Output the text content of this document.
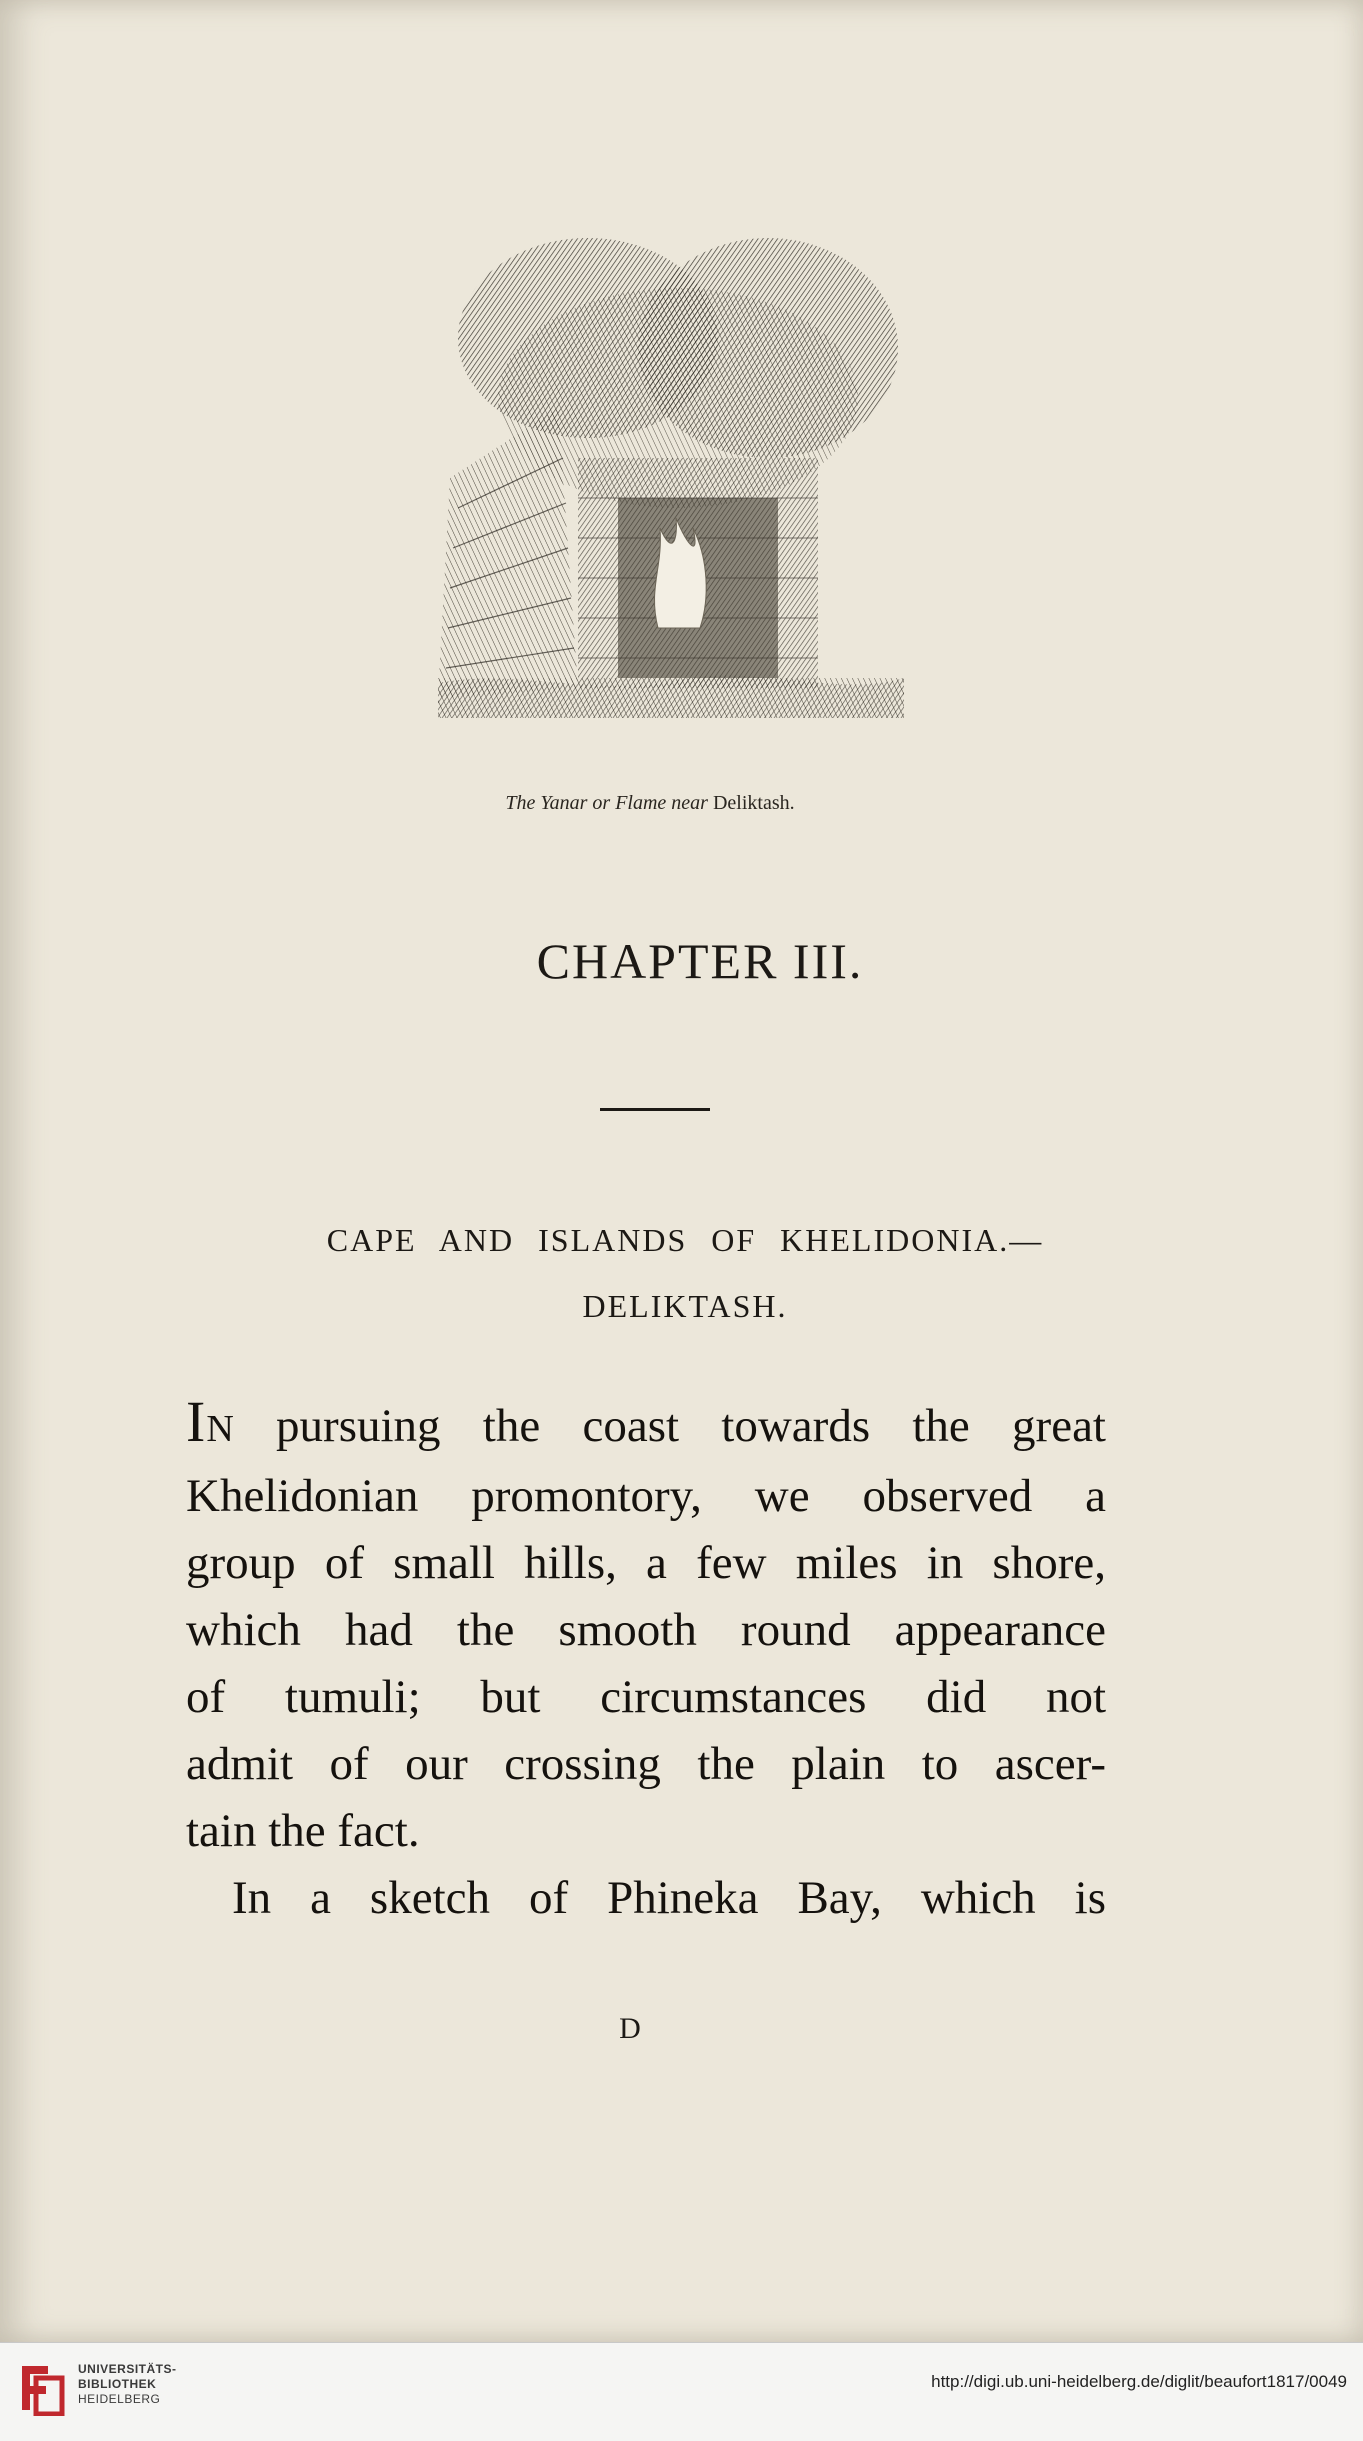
The Yanar or Flame near Deliktash.
CHAPTER III.
CAPE AND ISLANDS OF KHELIDONIA.—
DELIKTASH.
IN pursuing the coast towards the great
Khelidonian promontory, we observed a
group of small hills, a few miles in shore,
which had the smooth round appearance
of tumuli; but circumstances did not
admit of our crossing the plain to ascer-
tain the fact.
In a sketch of Phineka Bay, which is
D
UNIVERSITÄTS-
BIBLIOTHEK
HEIDELBERG
http://digi.ub.uni-heidelberg.de/diglit/beaufort1817/0049
